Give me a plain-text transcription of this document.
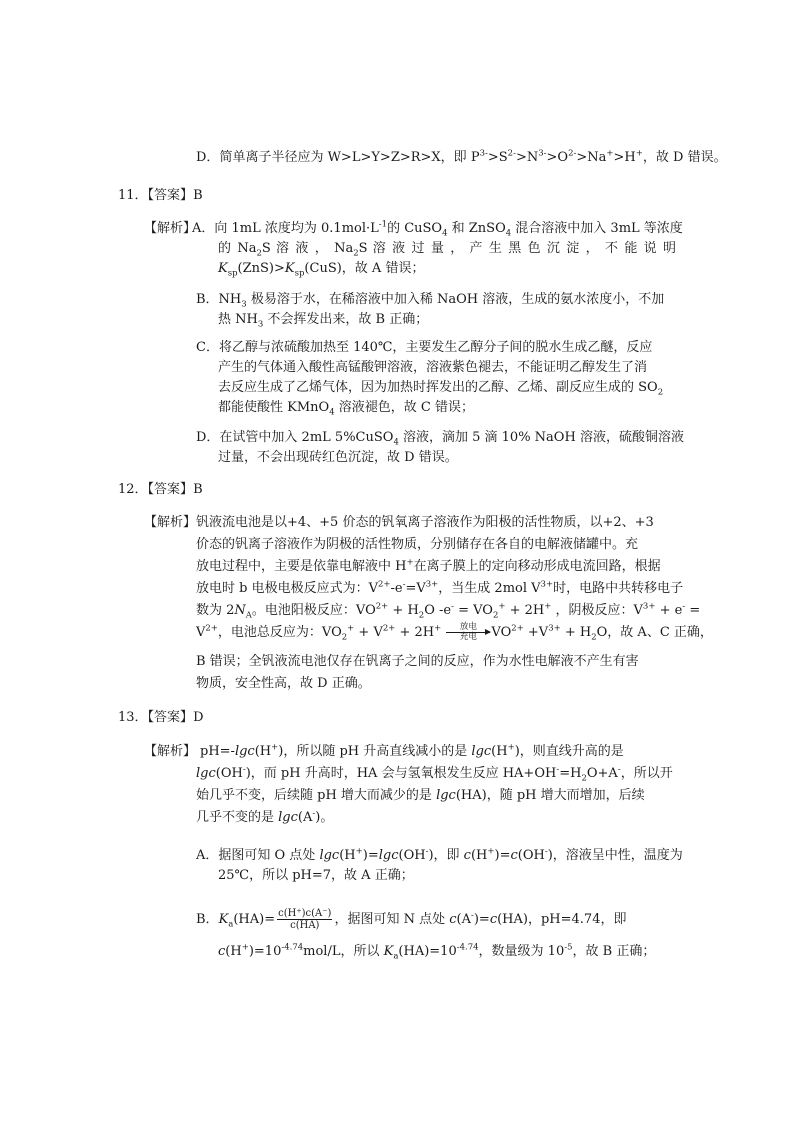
D．简单离子半径应为 W>L>Y>Z>R>X，即 $P^{3-}>S^{2-}>N^{3-}>O^{2-}>Na^+>H^+$，故 D 错误。
11．【答案】B
【解析】
A．向 1mL 浓度均为 $0.1mol\cdot L^{-1}$的 CuSO$_4$ 和 ZnSO$_4$ 混合溶液中加入 3mL 等浓度
的 $Na_2S$ 溶 液 ， $Na_2S$ 溶 液 过 量 ， 产 生 黑 色 沉 淀 ， 不 能 说 明
$K_{sp}(ZnS)>K_{sp}(CuS)$，故 A 错误；
B．$NH_3$ 极易溶于水，在稀溶液中加入稀 NaOH 溶液，生成的氨水浓度小，不加
热 $NH_3$ 不会挥发出来，故 B 正确；
C．将乙醇与浓硫酸加热至 140℃，主要发生乙醇分子间的脱水生成乙醚，反应
产生的气体通入酸性高锰酸钾溶液，溶液紫色褪去，不能证明乙醇发生了消
去反应生成了乙烯气体，因为加热时挥发出的乙醇、乙烯、副反应生成的 $SO_2$
都能使酸性 KMnO$_4$ 溶液褪色，故 C 错误；
D．在试管中加入 2mL 5%CuSO$_4$ 溶液，滴加 5 滴 10% NaOH 溶液，硫酸铜溶液
过量，不会出现砖红色沉淀，故 D 错误。
12．【答案】B
【解析】 钒液流电池是以+4、+5 价态的钒氧离子溶液作为阳极的活性物质，以+2、+3
价态的钒离子溶液作为阴极的活性物质，分别储存在各自的电解液储罐中。充
放电过程中，主要是依靠电解液中 H+在离子膜上的定向移动形成电流回路，根据
放电时 b 电极电极反应式为：$V^{2+}-e^-=V^{3+}$，当生成 2mol $V^{3+}$时，电路中共转移电子
数为 $2N_A$。电池阳极反应：$VO^{2+} + H_2O$ $-e^- = VO_2^+ + 2H^+$ ，阴极反应：$V^{3+} + e^-$ =
$V^{2+}$，电池总反应为：$VO_2^+ + V^{2+} + 2H^+$	放电
充电	$VO^{2+} +V^{3+} + H_2O$，故 A、C 正确，
B 错误；全钒液流电池仅存在钒离子之间的反应，作为水性电解液不产生有害
物质，安全性高，故 D 正确。
13．【答案】D
【解析】 pH=-lgc(H+)，所以随 pH 升高直线减小的是 lgc(H+)，则直线升高的是
lgc(OH-)，而 pH 升高时，HA 会与氢氧根发生反应 $HA+OH^-=H_2O+A^-$，所以开
始几乎不变，后续随 pH 增大而减少的是 lgc(HA)，随 pH 增大而增加，后续
几乎不变的是 lgc(A-)。
A．据图可知 O 点处 lgc(H+)=lgc(OH-)，即 c(H+)=c(OH-)，溶液呈中性，温度为
25℃，所以 pH=7，故 A 正确；
B．$K_a(HA)= \frac{c(H^+)c(A^-)}{c(HA)}$ ，据图可知 N 点处 c(A-)=c(HA)，pH=4.74，即
$c(H^+)=10^{-4.74}mol/L$，所以 $K_a(HA)=10^{-4.74}$，数量级为 $10^{-5}$，故 B 正确；
